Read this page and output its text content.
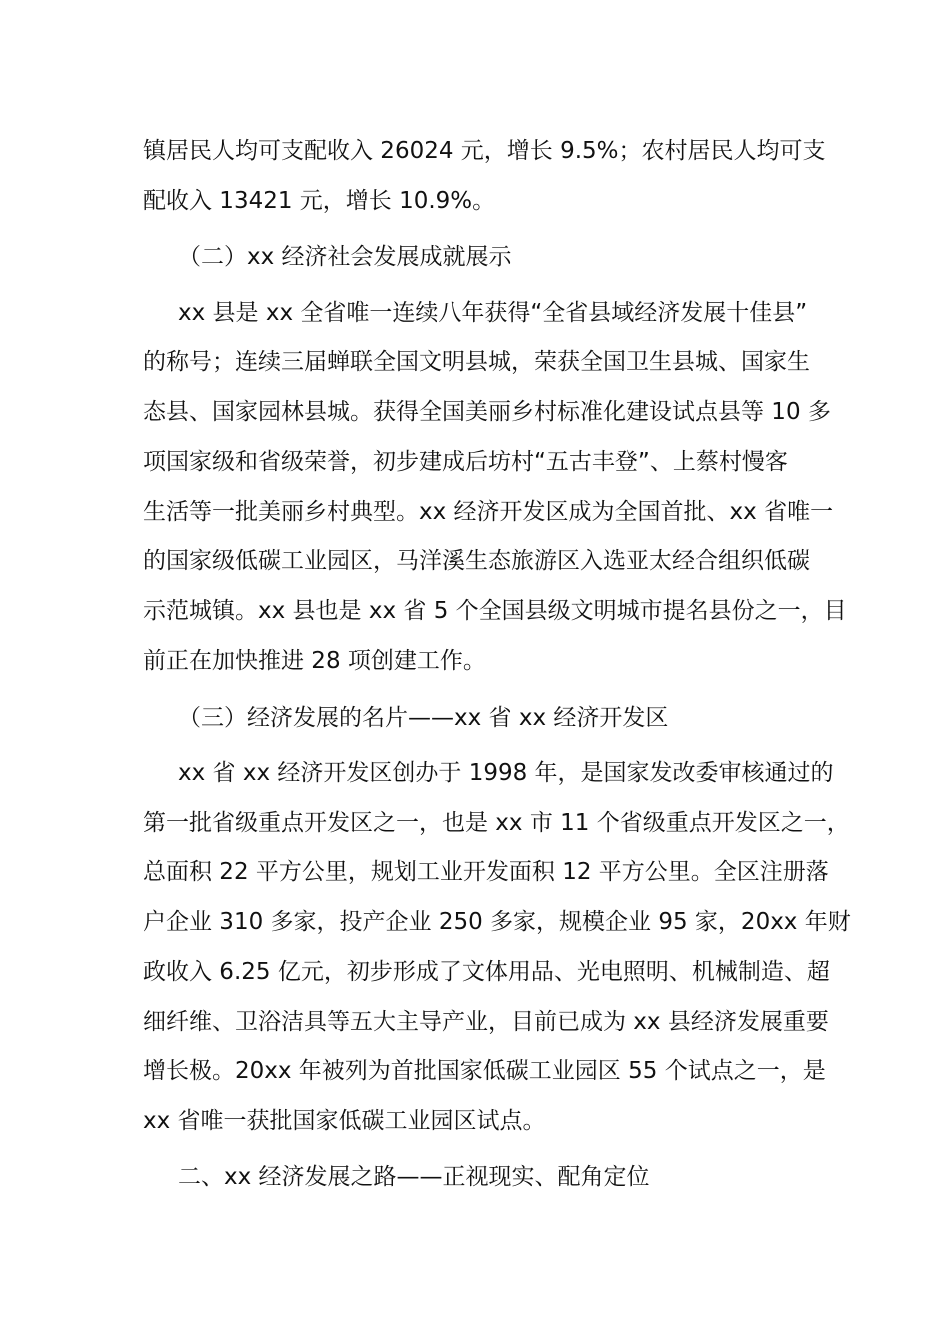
镇居民人均可支配收入 26024 元，增长 9.5%；农村居民人均可支
配收入 13421 元，增长 10.9%。
（二）xx 经济社会发展成就展示
xx 县是 xx 全省唯一连续八年获得“全省县域经济发展十佳县”
的称号；连续三届蝉联全国文明县城，荣获全国卫生县城、国家生
态县、国家园林县城。获得全国美丽乡村标准化建设试点县等 10 多
项国家级和省级荣誉，初步建成后坊村“五古丰登”、上蔡村慢客
生活等一批美丽乡村典型。xx 经济开发区成为全国首批、xx 省唯一
的国家级低碳工业园区，马洋溪生态旅游区入选亚太经合组织低碳
示范城镇。xx 县也是 xx 省 5 个全国县级文明城市提名县份之一，目
前正在加快推进 28 项创建工作。
（三）经济发展的名片——xx 省 xx 经济开发区
xx 省 xx 经济开发区创办于 1998 年，是国家发改委审核通过的
第一批省级重点开发区之一，也是 xx 市 11 个省级重点开发区之一，
总面积 22 平方公里，规划工业开发面积 12 平方公里。全区注册落
户企业 310 多家，投产企业 250 多家，规模企业 95 家，20xx 年财
政收入 6.25 亿元，初步形成了文体用品、光电照明、机械制造、超
细纤维、卫浴洁具等五大主导产业，目前已成为 xx 县经济发展重要
增长极。20xx 年被列为首批国家低碳工业园区 55 个试点之一，是
xx 省唯一获批国家低碳工业园区试点。
二、xx 经济发展之路——正视现实、配角定位
